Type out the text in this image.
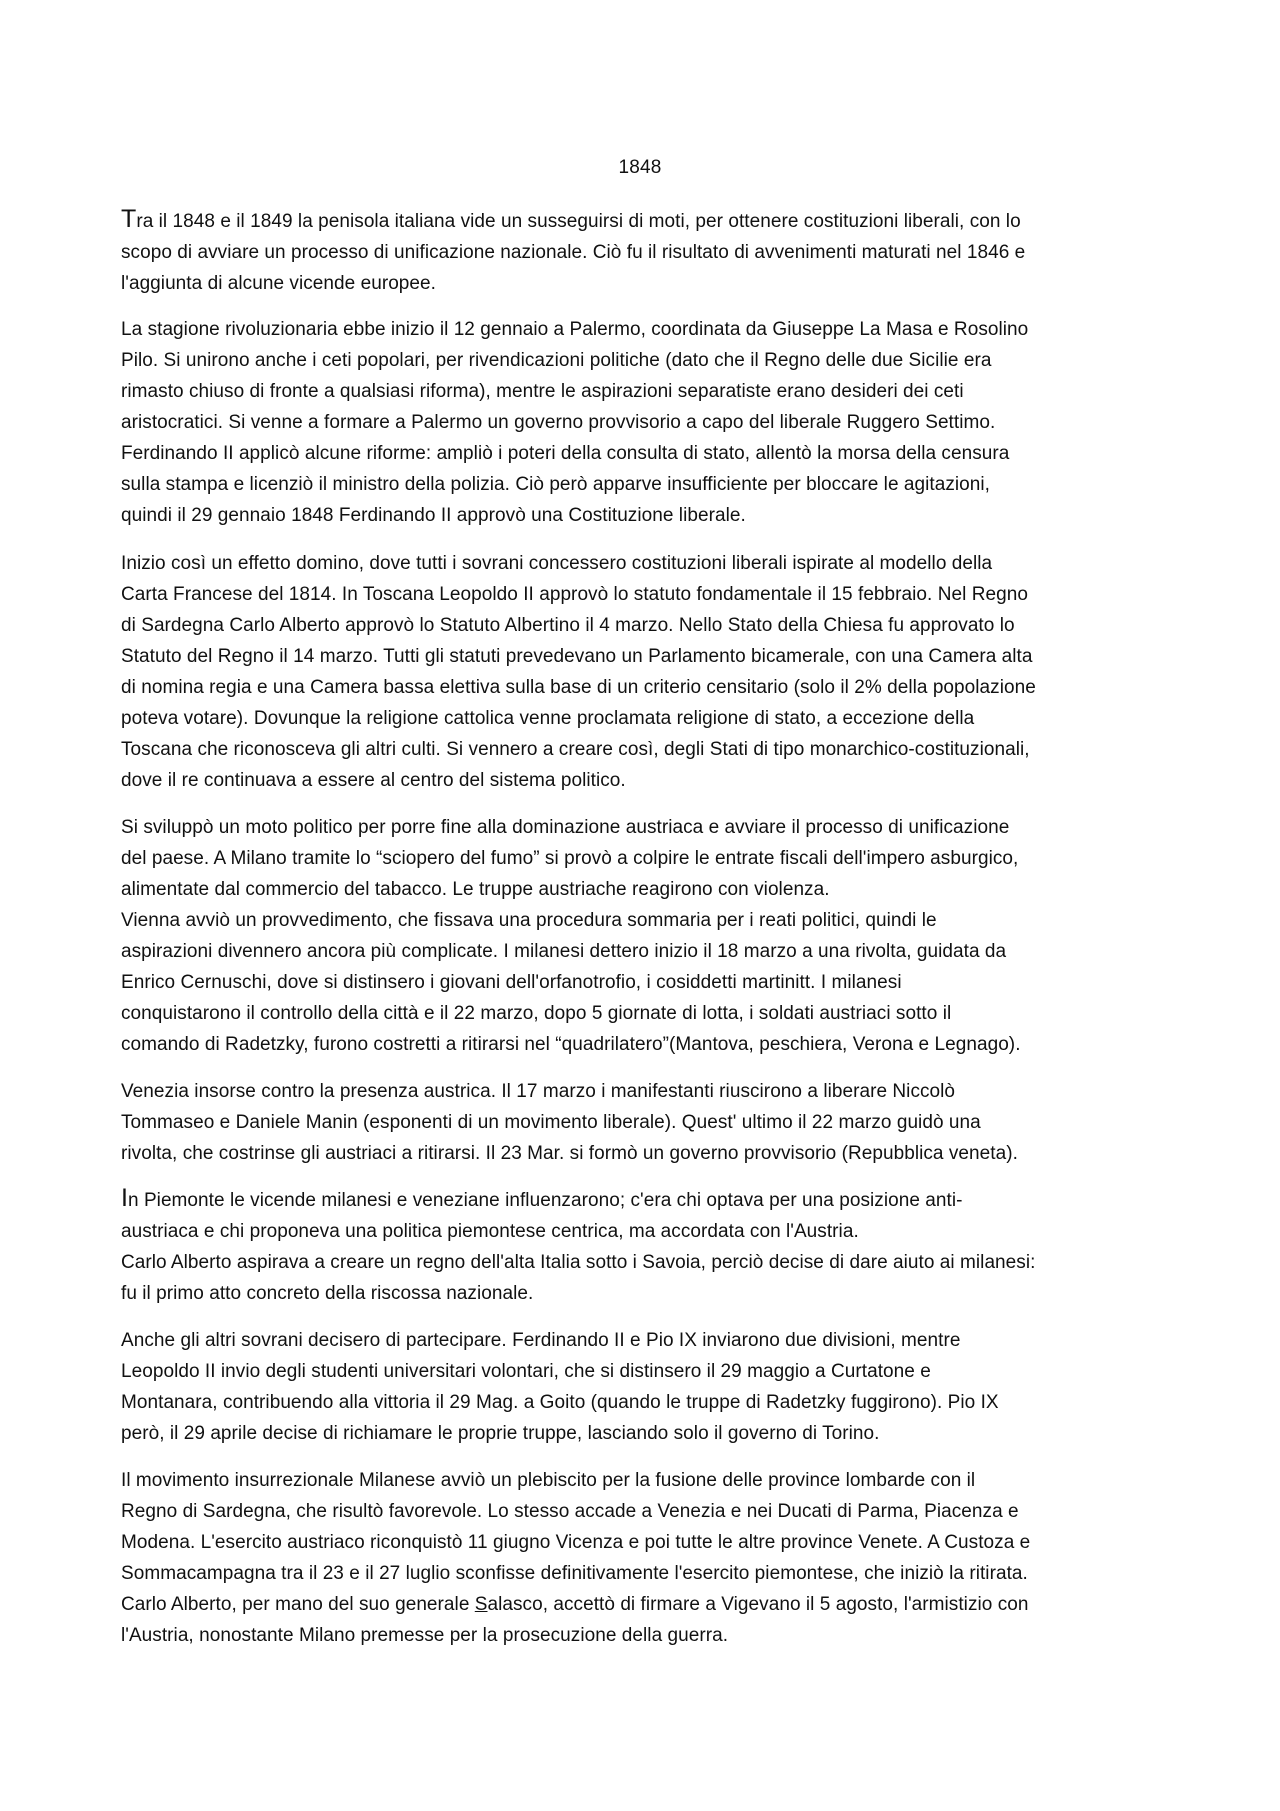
1848

Tra il 1848 e il 1849 la penisola italiana vide un susseguirsi di moti, per ottenere costituzioni liberali, con lo
scopo di avviare un processo di unificazione nazionale. Ciò fu il risultato di avvenimenti maturati nel 1846 e
l'aggiunta di alcune vicende europee.

La stagione rivoluzionaria ebbe inizio il 12 gennaio a Palermo, coordinata da Giuseppe La Masa e Rosolino
Pilo. Si unirono anche i ceti popolari, per rivendicazioni politiche (dato che il Regno delle due Sicilie era
rimasto chiuso di fronte a qualsiasi riforma), mentre le aspirazioni separatiste erano desideri dei ceti
aristocratici. Si venne a formare a Palermo un governo provvisorio a capo del liberale Ruggero Settimo.
Ferdinando II applicò alcune riforme: ampliò i poteri della consulta di stato, allentò la morsa della censura
sulla stampa e licenziò il ministro della polizia. Ciò però apparve insufficiente per bloccare le agitazioni,
quindi il 29 gennaio 1848 Ferdinando II approvò una Costituzione liberale.

Inizio così un effetto domino, dove tutti i sovrani concessero costituzioni liberali ispirate al modello della
Carta Francese del 1814. In Toscana Leopoldo II approvò lo statuto fondamentale il 15 febbraio. Nel Regno
di Sardegna Carlo Alberto approvò lo Statuto Albertino il 4 marzo. Nello Stato della Chiesa fu approvato lo
Statuto del Regno il 14 marzo. Tutti gli statuti prevedevano un Parlamento bicamerale, con una Camera alta
di nomina regia e una Camera bassa elettiva sulla base di un criterio censitario (solo il 2% della popolazione
poteva votare). Dovunque la religione cattolica venne proclamata religione di stato, a eccezione della
Toscana che riconosceva gli altri culti. Si vennero a creare così, degli Stati di tipo monarchico-costituzionali,
dove il re continuava a essere al centro del sistema politico.

Si sviluppò un moto politico per porre fine alla dominazione austriaca e avviare il processo di unificazione
del paese. A Milano tramite lo “sciopero del fumo” si provò a colpire le entrate fiscali dell'impero asburgico,
alimentate dal commercio del tabacco. Le truppe austriache reagirono con violenza.
Vienna avviò un provvedimento, che fissava una procedura sommaria per i reati politici, quindi le
aspirazioni divennero ancora più complicate. I milanesi dettero inizio il 18 marzo a una rivolta, guidata da
Enrico Cernuschi, dove si distinsero i giovani dell'orfanotrofio, i cosiddetti martinitt. I milanesi
conquistarono il controllo della città e il 22 marzo, dopo 5 giornate di lotta, i soldati austriaci sotto il
comando di Radetzky, furono costretti a ritirarsi nel “quadrilatero”(Mantova, peschiera, Verona e Legnago).

Venezia insorse contro la presenza austrica. Il 17 marzo i manifestanti riuscirono a liberare Niccolò
Tommaseo e Daniele Manin (esponenti di un movimento liberale). Quest' ultimo il 22 marzo guidò una
rivolta, che costrinse gli austriaci a ritirarsi. Il 23 Mar. si formò un governo provvisorio (Repubblica veneta).

In Piemonte le vicende milanesi e veneziane influenzarono; c'era chi optava per una posizione anti-
austriaca e chi proponeva una politica piemontese centrica, ma accordata con l'Austria.
Carlo Alberto aspirava a creare un regno dell'alta Italia sotto i Savoia, perciò decise di dare aiuto ai milanesi:
fu il primo atto concreto della riscossa nazionale.

Anche gli altri sovrani decisero di partecipare. Ferdinando II e Pio IX inviarono due divisioni, mentre
Leopoldo II invio degli studenti universitari volontari, che si distinsero il 29 maggio a Curtatone e
Montanara, contribuendo alla vittoria il 29 Mag. a Goito (quando le truppe di Radetzky fuggirono). Pio IX
però, il 29 aprile decise di richiamare le proprie truppe, lasciando solo il governo di Torino.

Il movimento insurrezionale Milanese avviò un plebiscito per la fusione delle province lombarde con il
Regno di Sardegna, che risultò favorevole. Lo stesso accade a Venezia e nei Ducati di Parma, Piacenza e
Modena. L'esercito austriaco riconquistò 11 giugno Vicenza e poi tutte le altre province Venete. A Custoza e
Sommacampagna tra il 23 e il 27 luglio sconfisse definitivamente l'esercito piemontese, che iniziò la ritirata.
Carlo Alberto, per mano del suo generale Salasco, accettò di firmare a Vigevano il 5 agosto, l'armistizio con
l'Austria, nonostante Milano premesse per la prosecuzione della guerra.
